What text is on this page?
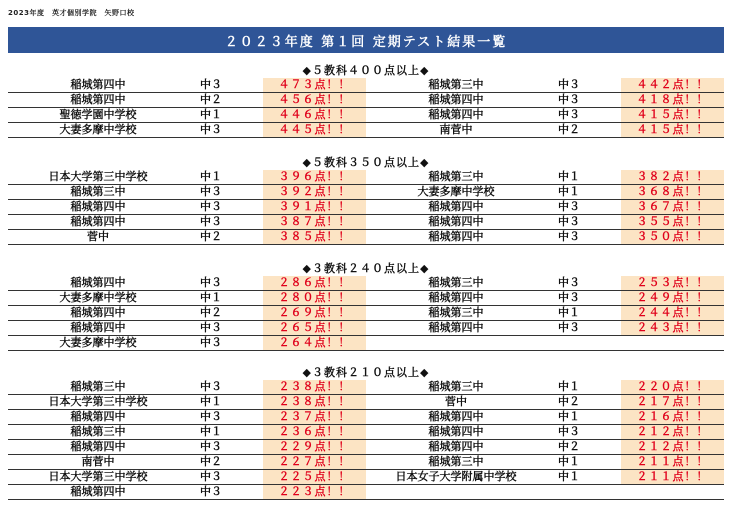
2023年度　英才個別学院　矢野口校
２０２３年度 第１回 定期テスト結果一覧
◆５教科４００点以上◆
稲城第四中	中３	４７３点！！	稲城第三中	中３	４４２点！！
稲城第四中	中２	４５６点！！	稲城第四中	中３	４１８点！！
聖徳学園中学校	中１	４４６点！！	稲城第四中	中３	４１５点！！
大妻多摩中学校	中３	４４５点！！	南菅中	中２	４１５点！！
◆５教科３５０点以上◆
日本大学第三中学校	中１	３９６点！！	稲城第三中	中１	３８２点！！
稲城第三中	中３	３９２点！！	大妻多摩中学校	中１	３６８点！！
稲城第四中	中３	３９１点！！	稲城第四中	中３	３６７点！！
稲城第四中	中３	３８７点！！	稲城第四中	中３	３５５点！！
菅中	中２	３８５点！！	稲城第四中	中３	３５０点！！
◆３教科２４０点以上◆
稲城第四中	中３	２８６点！！	稲城第三中	中３	２５３点！！
大妻多摩中学校	中１	２８０点！！	稲城第四中	中３	２４９点！！
稲城第四中	中２	２６９点！！	稲城第三中	中１	２４４点！！
稲城第四中	中３	２６５点！！	稲城第四中	中３	２４３点！！
大妻多摩中学校	中３	２６４点！！			
◆３教科２１０点以上◆
稲城第三中	中３	２３８点！！	稲城第三中	中１	２２０点！！
日本大学第三中学校	中１	２３８点！！	菅中	中２	２１７点！！
稲城第四中	中３	２３７点！！	稲城第四中	中１	２１６点！！
稲城第三中	中１	２３６点！！	稲城第四中	中３	２１２点！！
稲城第四中	中３	２２９点！！	稲城第四中	中２	２１２点！！
南菅中	中２	２２７点！！	稲城第三中	中１	２１１点！！
日本大学第三中学校	中３	２２５点！！	日本女子大学附属中学校	中１	２１１点！！
稲城第四中	中３	２２３点！！			
